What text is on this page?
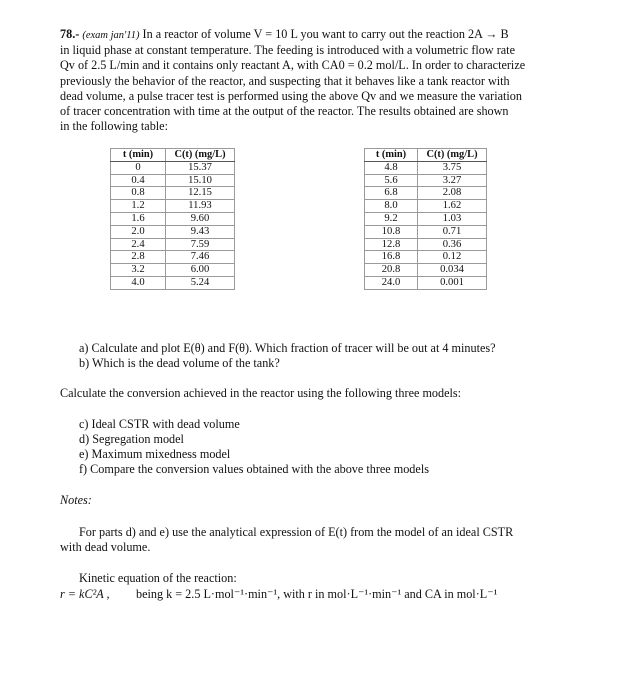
78.- (exam jan'11) In a reactor of volume V = 10 L you want to carry out the reaction 2A → B
in liquid phase at constant temperature. The feeding is introduced with a volumetric flow rate
Qv of 2.5 L/min and it contains only reactant A, with CA0 = 0.2 mol/L. In order to characterize
previously the behavior of the reactor, and suspecting that it behaves like a tank reactor with
dead volume, a pulse tracer test is performed using the above Qv and we measure the variation
of tracer concentration with time at the output of the reactor. The results obtained are shown
in the following table:
t (min)	C(t) (mg/L)
0	15.37
0.4	15.10
0.8	12.15
1.2	11.93
1.6	9.60
2.0	9.43
2.4	7.59
2.8	7.46
3.2	6.00
4.0	5.24
t (min)	C(t) (mg/L)
4.8	3.75
5.6	3.27
6.8	2.08
8.0	1.62
9.2	1.03
10.8	0.71
12.8	0.36
16.8	0.12
20.8	0.034
24.0	0.001
a) Calculate and plot E(θ) and F(θ). Which fraction of tracer will be out at 4 minutes?
b) Which is the dead volume of the tank?
Calculate the conversion achieved in the reactor using the following three models:
c) Ideal CSTR with dead volume
d) Segregation model
e) Maximum mixedness model
f) Compare the conversion values obtained with the above three models
Notes:
For parts d) and e) use the analytical expression of E(t) from the model of an ideal CSTR
with dead volume.
Kinetic equation of the reaction:
r = kC²A , being k = 2.5 L·mol⁻¹·min⁻¹, with r in mol·L⁻¹·min⁻¹ and CA in mol·L⁻¹
